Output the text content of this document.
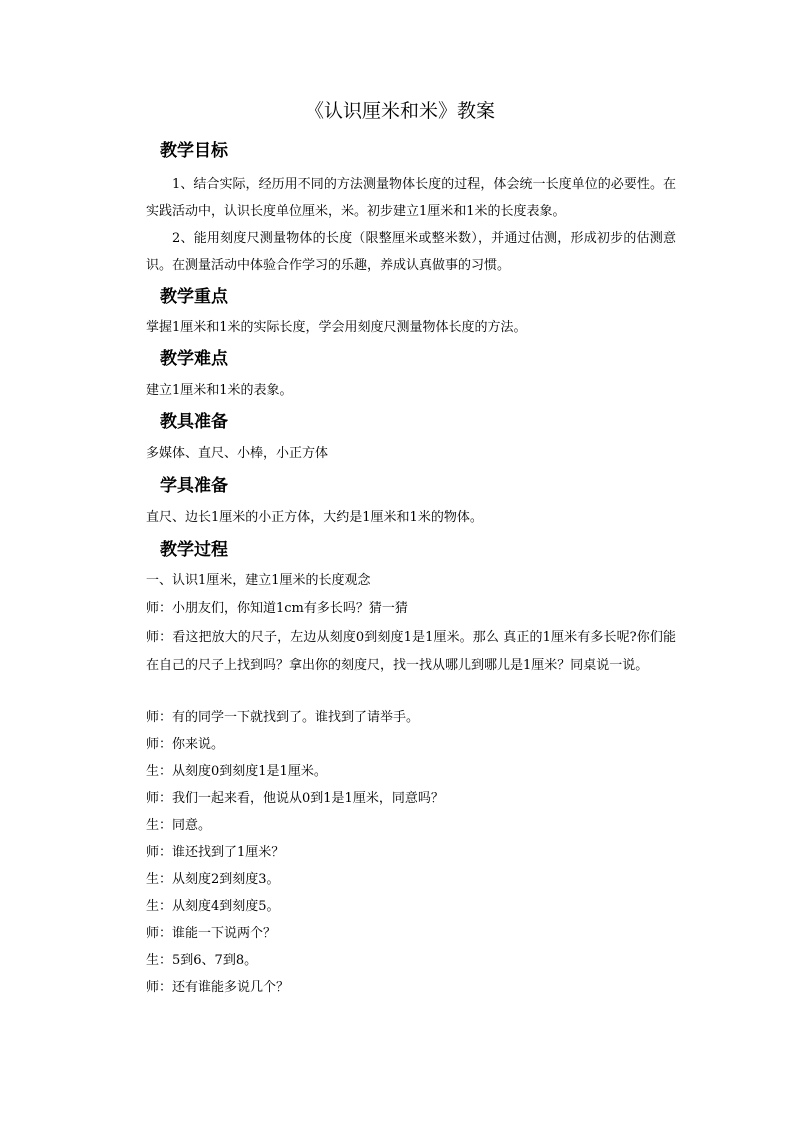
《认识厘米和米》教案
教学目标

1、结合实际，经历用不同的方法测量物体长度的过程，体会统一长度单位的必要性。在实践活动中，认识长度单位厘米，米。初步建立1厘米和1米的长度表象。

2、能用刻度尺测量物体的长度（限整厘米或整米数），并通过估测，形成初步的估测意识。在测量活动中体验合作学习的乐趣，养成认真做事的习惯。

教学重点

掌握1厘米和1米的实际长度，学会用刻度尺测量物体长度的方法。

教学难点

建立1厘米和1米的表象。

教具准备

多媒体、直尺、小棒，小正方体

学具准备

直尺、边长1厘米的小正方体，大约是1厘米和1米的物体。

教学过程

一、认识1厘米，建立1厘米的长度观念

师：小朋友们，你知道1cm有多长吗？猜一猜

师：看这把放大的尺子，左边从刻度0到刻度1是1厘米。那么 真正的1厘米有多长呢?你们能在自己的尺子上找到吗？拿出你的刻度尺，找一找从哪儿到哪儿是1厘米？同桌说一说。

师：有的同学一下就找到了。谁找到了请举手。

师：你来说。

生：从刻度0到刻度1是1厘米。

师：我们一起来看，他说从0到1是1厘米，同意吗？

生：同意。

师：谁还找到了1厘米？

生：从刻度2到刻度3。

生：从刻度4到刻度5。

师：谁能一下说两个？

生：5到6、7到8。

师：还有谁能多说几个？
